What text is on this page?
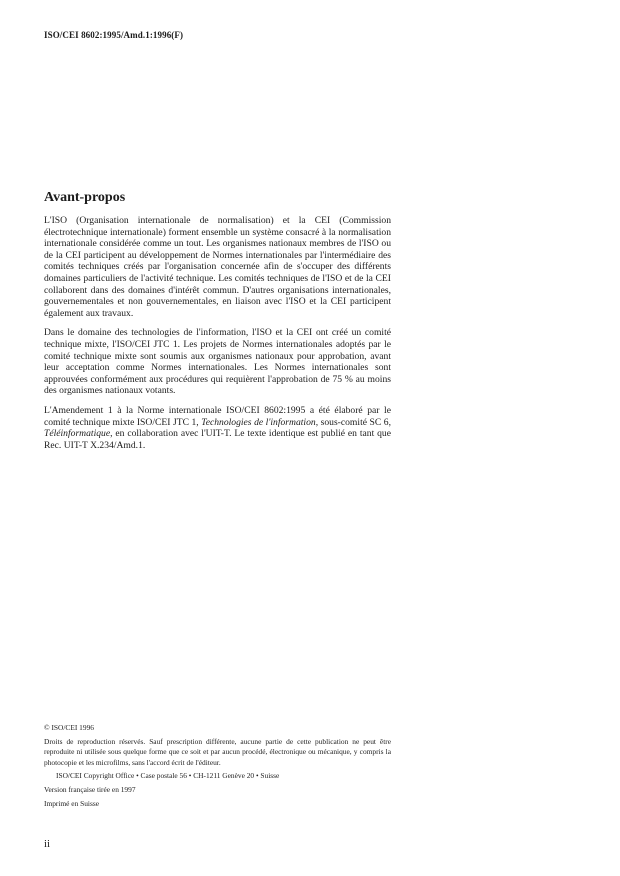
ISO/CEI 8602:1995/Amd.1:1996(F)
Avant-propos

L'ISO (Organisation internationale de normalisation) et la CEI (Commission électrotechnique internationale) forment ensemble un système consacré à la normalisation internationale considérée comme un tout. Les organismes nationaux membres de l'ISO ou de la CEI participent au développement de Normes internationales par l'intermédiaire des comités techniques créés par l'organisation concernée afin de s'occuper des différents domaines particuliers de l'activité technique. Les comités techniques de l'ISO et de la CEI collaborent dans des domaines d'intérêt commun. D'autres organisations internationales, gouvernementales et non gouvernementales, en liaison avec l'ISO et la CEI participent également aux travaux.

Dans le domaine des technologies de l'information, l'ISO et la CEI ont créé un comité technique mixte, l'ISO/CEI JTC 1. Les projets de Normes internationales adoptés par le comité technique mixte sont soumis aux organismes nationaux pour approbation, avant leur acceptation comme Normes internationales. Les Normes internationales sont approuvées conformément aux procédures qui requièrent l'approbation de 75 % au moins des organismes nationaux votants.

L'Amendement 1 à la Norme internationale ISO/CEI 8602:1995 a été élaboré par le comité technique mixte ISO/CEI JTC 1, Technologies de l'information, sous-comité SC 6, Téléinformatique, en collaboration avec l'UIT-T. Le texte identique est publié en tant que Rec. UIT-T X.234/Amd.1.

© ISO/CEI 1996
Droits de reproduction réservés. Sauf prescription différente, aucune partie de cette publication ne peut être reproduite ni utilisée sous quelque forme que ce soit et par aucun procédé, électronique ou mécanique, y compris la photocopie et les microfilms, sans l'accord écrit de l'éditeur.
ISO/CEI Copyright Office • Case postale 56 • CH-1211 Genève 20 • Suisse
Version française tirée en 1997
Imprimé en Suisse
ii
